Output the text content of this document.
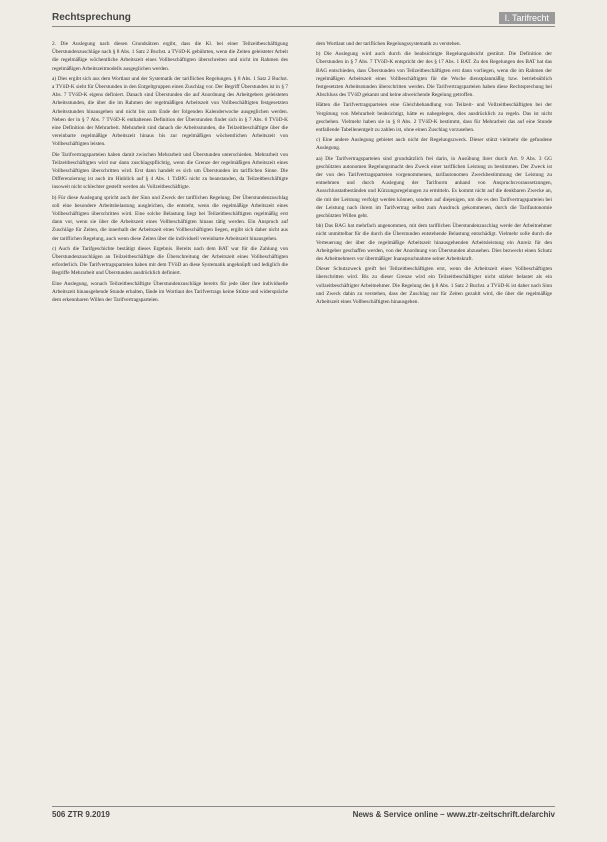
Rechtsprechung	I. Tarifrecht

2. Die Auslegung nach diesen Grundsätzen ergibt, dass die Kl. bei einer Teilzeitbeschäftigung Überstundenzuschläge nach § 8 Abs. 1 Satz 2 Buchst. a TVöD-K gebührten, wenn die Zeiten geleisteter Arbeit die regelmäßige wöchentliche Arbeitszeit eines Vollbeschäftigten überschreiten und nicht im Rahmen des regelmäßigen Arbeitszeitmodells ausgeglichen werden.

a) Dies ergibt sich aus dem Wortlaut und der Systematik der tariflichen Regelungen. § 8 Abs. 1 Satz 2 Buchst. a TVöD-K sieht für Überstunden in den Entgeltgruppen einen Zuschlag vor. Der Begriff Überstunden ist in § 7 Abs. 7 TVöD-K eigens definiert. Danach sind Überstunden die auf Anordnung des Arbeitgebers geleisteten Arbeitsstunden, die über die im Rahmen der regelmäßigen Arbeitszeit von Vollbeschäftigten festgesetzten Arbeitsstunden hinausgehen und nicht bis zum Ende der folgenden Kalenderwoche ausgeglichen werden. Neben der in § 7 Abs. 7 TVöD-K enthaltenen Definition der Überstunden findet sich in § 7 Abs. 6 TVöD-K eine Definition der Mehrarbeit. Mehrarbeit sind danach die Arbeitsstunden, die Teilzeitbeschäftigte über die vereinbarte regelmäßige Arbeitszeit hinaus bis zur regelmäßigen wöchentlichen Arbeitszeit von Vollbeschäftigten leisten.

Die Tarifvertragsparteien haben damit zwischen Mehrarbeit und Überstunden unterschieden. Mehrarbeit von Teilzeitbeschäftigten wird nur dann zuschlagspflichtig, wenn die Grenze der regelmäßigen Arbeitszeit eines Vollbeschäftigten überschritten wird. Erst dann handelt es sich um Überstunden im tariflichen Sinne. Die Differenzierung ist auch im Hinblick auf § 4 Abs. 1 TzBfG nicht zu beanstanden, da Teilzeitbeschäftigte insoweit nicht schlechter gestellt werden als Vollzeitbeschäftigte.

b) Für diese Auslegung spricht auch der Sinn und Zweck der tariflichen Regelung. Der Überstundenzuschlag soll eine besondere Arbeitsbelastung ausgleichen, die entsteht, wenn die regelmäßige Arbeitszeit eines Vollbeschäftigten überschritten wird. Eine solche Belastung liegt bei Teilzeitbeschäftigten regelmäßig erst dann vor, wenn sie über die Arbeitszeit eines Vollbeschäftigten hinaus tätig werden. Ein Anspruch auf Zuschläge für Zeiten, die innerhalb der Arbeitszeit eines Vollbeschäftigten liegen, ergibt sich daher nicht aus der tariflichen Regelung, auch wenn diese Zeiten über die individuell vereinbarte Arbeitszeit hinausgehen.

c) Auch die Tarifgeschichte bestätigt dieses Ergebnis. Bereits nach dem BAT war für die Zahlung von Überstundenzuschlägen an Teilzeitbeschäftigte die Überschreitung der Arbeitszeit eines Vollbeschäftigten erforderlich. Die Tarifvertragsparteien haben mit dem TVöD an diese Systematik angeknüpft und lediglich die Begriffe Mehrarbeit und Überstunden ausdrücklich definiert.

Eine Auslegung, wonach Teilzeitbeschäftigte Überstundenzuschläge bereits für jede über ihre individuelle Arbeitszeit hinausgehende Stunde erhalten, fände im Wortlaut des Tarifvertrags keine Stütze und widerspräche dem erkennbaren Willen der Tarifvertragsparteien.

dem Wortlaut und der tariflichen Regelungssystematik zu verstehen.

b) Die Auslegung wird auch durch die beabsichtigte Regelungsabsicht gestützt. Die Definition der Überstunden in § 7 Abs. 7 TVöD-K entspricht der des § 17 Abs. 1 BAT. Zu den Regelungen des BAT hat das BAG entschieden, dass Überstunden von Teilzeitbeschäftigten erst dann vorliegen, wenn die im Rahmen der regelmäßigen Arbeitszeit eines Vollbeschäftigten für die Woche dienstplanmäßig bzw. betriebsüblich festgesetzten Arbeitsstunden überschritten werden. Die Tarifvertragsparteien haben diese Rechtsprechung bei Abschluss des TVöD gekannt und keine abweichende Regelung getroffen.

Hätten die Tarifvertragsparteien eine Gleichbehandlung von Teilzeit- und Vollzeitbeschäftigten bei der Vergütung von Mehrarbeit beabsichtigt, hätte es nahegelegen, dies ausdrücklich zu regeln. Das ist nicht geschehen. Vielmehr haben sie in § 8 Abs. 2 TVöD-K bestimmt, dass für Mehrarbeit das auf eine Stunde entfallende Tabellenentgelt zu zahlen ist, ohne einen Zuschlag vorzusehen.

c) Eine andere Auslegung gebietet auch nicht der Regelungszweck. Dieser stützt vielmehr die gefundene Auslegung.

aa) Die Tarifvertragsparteien sind grundsätzlich frei darin, in Ausübung ihrer durch Art. 9 Abs. 3 GG geschützten autonomen Regelungsmacht den Zweck einer tariflichen Leistung zu bestimmen. Der Zweck ist der von den Tarifvertragsparteien vorgenommenen, tarifautonomen Zweckbestimmung der Leistung zu entnehmen und durch Auslegung der Tarifnorm anhand von Anspruchsvoraussetzungen, Ausschlusstatbeständen und Kürzungsregelungen zu ermitteln. Es kommt nicht auf die denkbaren Zwecke an, die mit der Leistung verfolgt werden können, sondern auf diejenigen, um die es den Tarifvertragsparteien bei der Leistung nach ihrem im Tarifvertrag selbst zum Ausdruck gekommenen, durch die Tarifautonomie geschützten Willen geht.

bb) Das BAG hat mehrfach angenommen, mit dem tariflichen Überstundenzuschlag werde der Arbeitnehmer nicht unmittelbar für die durch die Überstunden entstehende Belastung entschädigt. Vielmehr solle durch die Verteuerung der über die regelmäßige Arbeitszeit hinausgehenden Arbeitsleistung ein Anreiz für den Arbeitgeber geschaffen werden, von der Anordnung von Überstunden abzusehen. Dies bezweckt einen Schutz des Arbeitnehmers vor übermäßiger Inanspruchnahme seiner Arbeitskraft.

Dieser Schutzzweck greift bei Teilzeitbeschäftigten erst, wenn die Arbeitszeit eines Vollbeschäftigten überschritten wird. Bis zu dieser Grenze wird ein Teilzeitbeschäftigter nicht stärker belastet als ein vollzeitbeschäftigter Arbeitnehmer. Die Regelung des § 8 Abs. 1 Satz 2 Buchst. a TVöD-K ist daher nach Sinn und Zweck dahin zu verstehen, dass der Zuschlag nur für Zeiten gezahlt wird, die über die regelmäßige Arbeitszeit eines Vollbeschäftigten hinausgehen.

506 ZTR 9.2019	News & Service online – www.ztr-zeitschrift.de/archiv
